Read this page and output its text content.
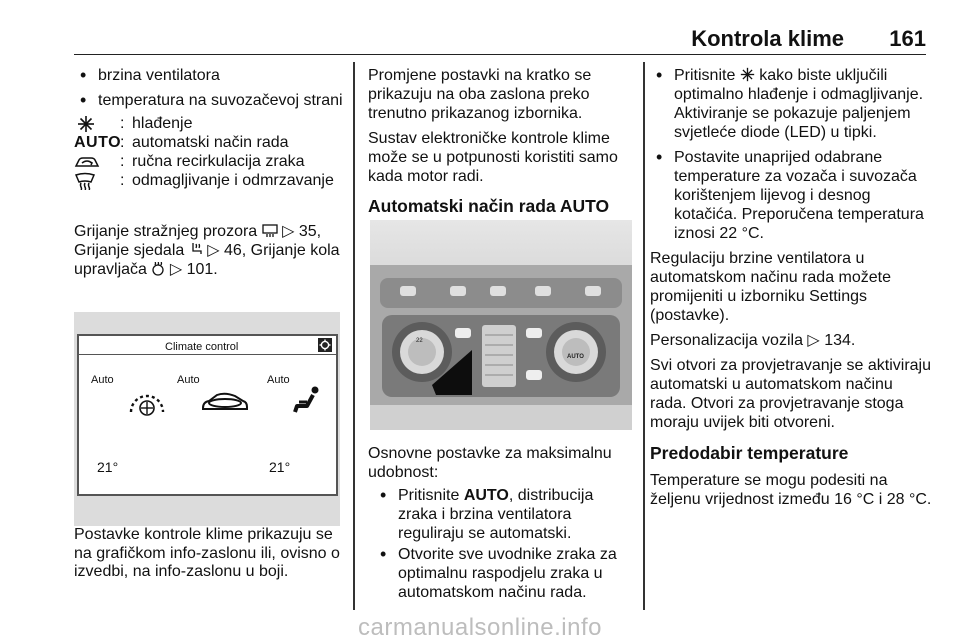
Kontrola klime 161

• brzina ventilatora

• temperatura na suvozačevoj strani

: hlađenje
AUTO
: automatski način rada
: ručna recirkulacija zraka
: odmagljivanje i odmrzavanje

Grijanje stražnjeg prozora ▷ 35, Grijanje sjedala ▷ 46, Grijanje kola upravljača ▷ 101.

Climate control
Auto	Auto	Auto
21°	21°

Postavke kontrole klime prikazuju se na grafičkom info-zaslonu ili, ovisno o izvedbi, na info-zaslonu u boji.

Promjene postavki na kratko se prikazuju na oba zaslona preko trenutno prikazanog izbornika.

Sustav elektroničke kontrole klime može se u potpunosti koristiti samo kada motor radi.

Automatski način rada AUTO

22
AUTO

Osnovne postavke za maksimalnu udobnost:

• Pritisnite AUTO, distribucija zraka i brzina ventilatora reguliraju se automatski.

• Otvorite sve uvodnike zraka za optimalnu raspodjelu zraka u automatskom načinu rada.

• Pritisnite kako biste uključili optimalno hlađenje i odmagljivanje. Aktiviranje se pokazuje paljenjem svjetleće diode (LED) u tipki.

• Postavite unaprijed odabrane temperature za vozača i suvozača korištenjem lijevog i desnog kotačića. Preporučena temperatura iznosi 22 °C.

Regulaciju brzine ventilatora u automatskom načinu rada možete promijeniti u izborniku Settings (postavke).

Personalizacija vozila ▷ 134.

Svi otvori za provjetravanje se aktiviraju automatski u automatskom načinu rada. Otvori za provjetravanje stoga moraju uvijek biti otvoreni.

Predodabir temperature

Temperature se mogu podesiti na željenu vrijednost između 16 °C i 28 °C.

carmanualsonline.info
